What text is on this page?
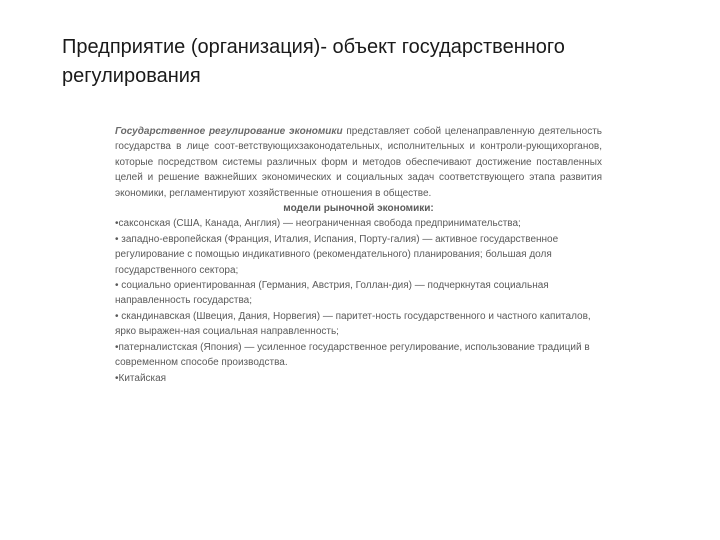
Предприятие (организация)- объект государственного регулирования

Государственное регулирование экономики представляет собой целенаправленную деятельность государства в лице соот-ветствующихзаконодательных, исполнительных и контроли-рующихорганов, которые посредством системы различных форм и методов обеспечивают достижение поставленных целей и решение важнейших экономических и социальных задач соответствующего этапа развития экономики, регламентируют хозяйственные отношения в обществе.

модели рыночной экономики:

•саксонская (США, Канада, Англия) — неограниченная свобода предпринимательства;
• западно-европейская (Франция, Италия, Испания, Порту-галия) — активное государственное регулирование с помощью индикативного (рекомендательного) планирования; большая доля государственного сектора;
• социально ориентированная (Германия, Австрия, Голлан-дия) — подчеркнутая социальная направленность государства;
• скандинавская (Швеция, Дания, Норвегия) — паритет-ность государственного и частного капиталов, ярко выражен-ная социальная направленность;
•патерналистская (Япония) — усиленное государственное регулирование, использование традиций в современном способе производства.
•Китайская
